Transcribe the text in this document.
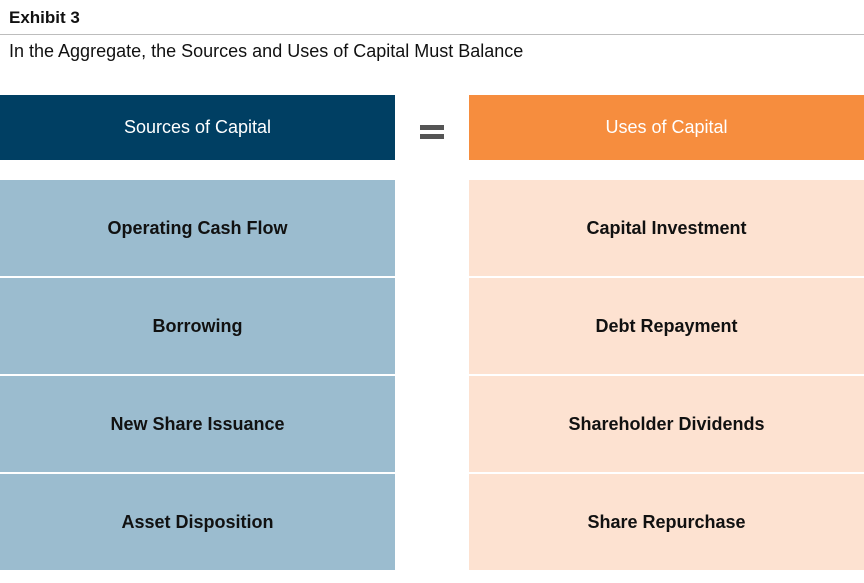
Exhibit 3
In the Aggregate, the Sources and Uses of Capital Must Balance
Sources of Capital
Operating Cash Flow
Borrowing
New Share Issuance
Asset Disposition
Uses of Capital
Capital Investment
Debt Repayment
Shareholder Dividends
Share Repurchase
